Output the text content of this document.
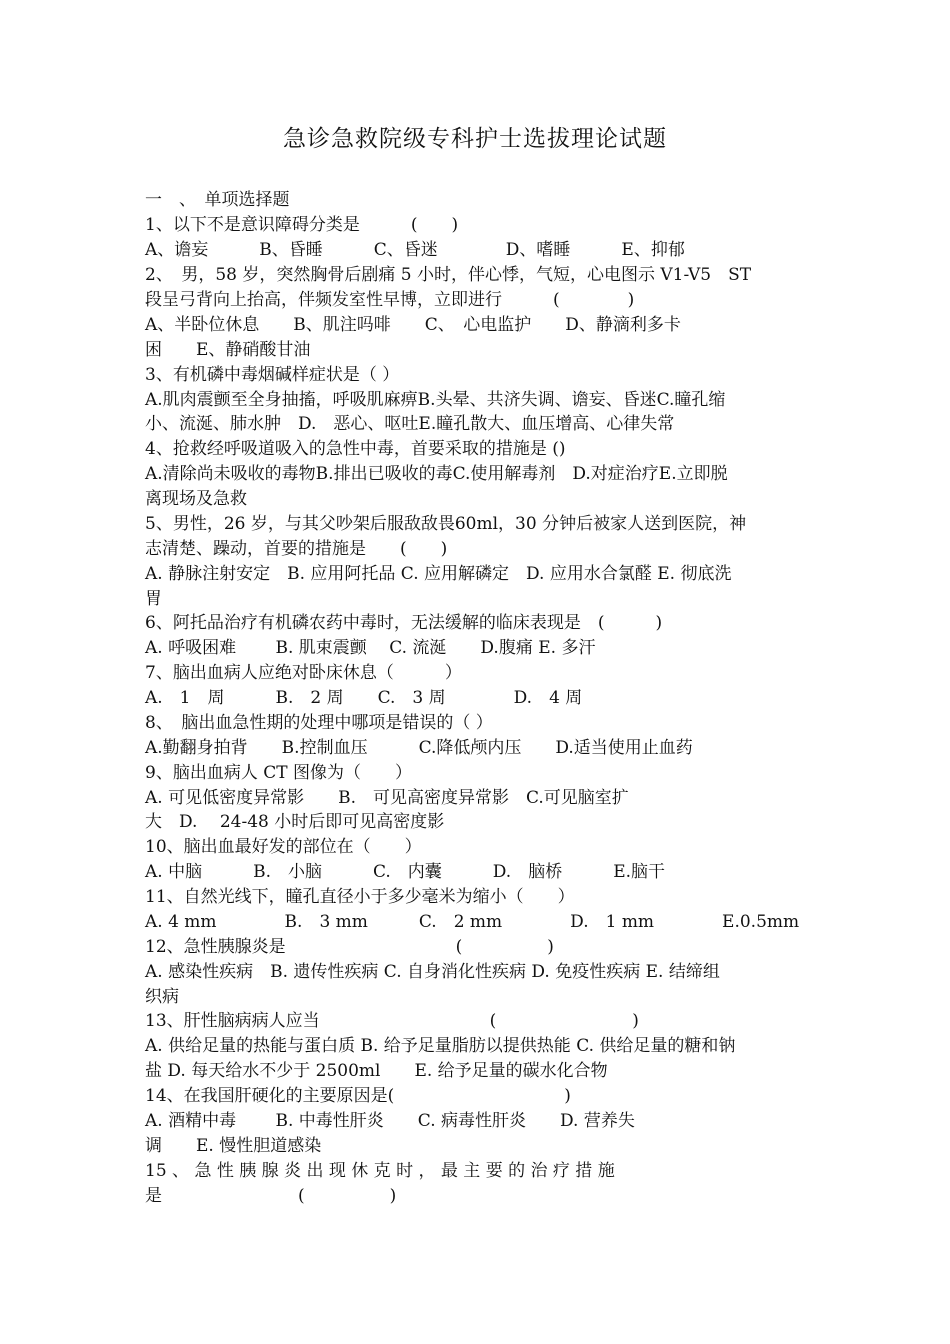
急诊急救院级专科护士选拔理论试题
一　、　单项选择题
1、以下不是意识障碍分类是　　　(　　)
A、谵妄　　　B、昏睡　　　C、昏迷　　　　D、嗜睡　　　E、抑郁
2、　男，58 岁，突然胸骨后剧痛 5 小时，伴心悸，气短，心电图示 V1-V5　ST
段呈弓背向上抬高，伴频发室性早博，立即进行　　　(　　　　)
A、半卧位休息　　B、肌注吗啡　　C、　心电监护　　D、静滴利多卡
困　　E、静硝酸甘油
3、有机磷中毒烟碱样症状是（ ）
A.肌肉震颤至全身抽搐，呼吸肌麻痹B.头晕、共济失调、谵妄、昏迷C.瞳孔缩
小、流涎、肺水肿　D.　恶心、呕吐E.瞳孔散大、血压增高、心律失常
4、抢救经呼吸道吸入的急性中毒，首要采取的措施是 ()
A.清除尚未吸收的毒物B.排出已吸收的毒C.使用解毒剂　D.对症治疗E.立即脱
离现场及急救
5、男性，26 岁，与其父吵架后服敌敌畏60ml，30 分钟后被家人送到医院，神
志清楚、躁动，首要的措施是　　(　　)
A. 静脉注射安定　B. 应用阿托品 C. 应用解磷定　D. 应用水合氯醛 E. 彻底洗
胃
6、阿托品治疗有机磷农药中毒时，无法缓解的临床表现是　(　　　)
A. 呼吸困难　　 B. 肌束震颤　 C. 流涎　　D.腹痛 E. 多汗
7、脑出血病人应绝对卧床休息（　　　）
A.　1　周　　　B.　2 周　　C.　3 周　　　　D.　4 周
8、　脑出血急性期的处理中哪项是错误的（ ）
A.勤翻身拍背　　B.控制血压　　　C.降低颅内压　　D.适当使用止血药
9、脑出血病人 CT 图像为（　　）
A. 可见低密度异常影　　B.　可见高密度异常影　C.可见脑室扩
大　D.　 24-48 小时后即可见高密度影
10、脑出血最好发的部位在（　　）
A. 中脑　　　B.　小脑　　　C.　内囊　　　D.　脑桥　　　E.脑干
11、自然光线下，瞳孔直径小于多少毫米为缩小（　　）
A. 4 mm　　　　B.　3 mm　　　C.　2 mm　　　　D.　1 mm　　　　E.0.5mm
12、急性胰腺炎是　　　　　　　　　　(　　　　　)
A. 感染性疾病　B. 遗传性疾病 C. 自身消化性疾病 D. 免疫性疾病 E. 结缔组
织病
13、肝性脑病病人应当　　　　　　　　　　(　　　　　　　　)
A. 供给足量的热能与蛋白质 B. 给予足量脂肪以提供热能 C. 供给足量的糖和钠
盐 D. 每天给水不少于 2500ml　　E. 给予足量的碳水化合物
14、在我国肝硬化的主要原因是(　　　　　　　　　　)
A. 酒精中毒　　 B. 中毒性肝炎　　C. 病毒性肝炎　　D. 营养失
调　　E. 慢性胆道感染
15 、 急 性 胰 腺 炎 出 现 休 克 时 ， 最 主 要 的 治 疗 措 施
是　　　　　　　　(　　　　　)
